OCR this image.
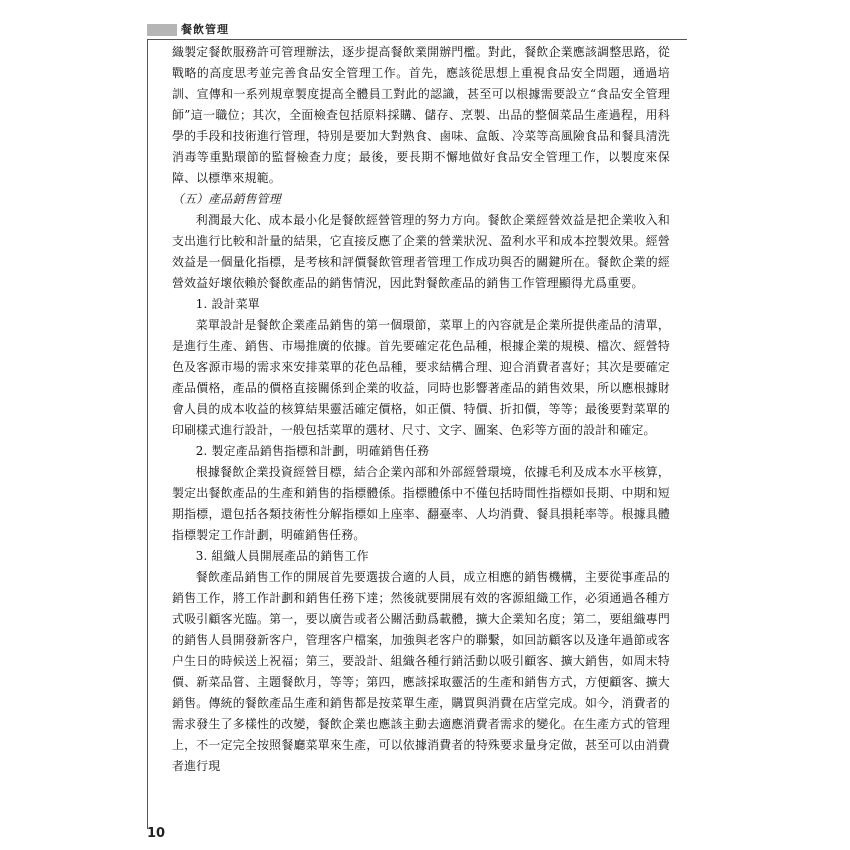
餐飲管理

織製定餐飲服務許可管理辦法，逐步提高餐飲業開辦門檻。對此，餐飲企業應該調整思路，從戰略的高度思考並完善食品安全管理工作。首先，應該從思想上重視食品安全問題，通過培訓、宣傳和一系列規章製度提高全體員工對此的認識，甚至可以根據需要設立“食品安全管理師”這一職位；其次，全面檢查包括原料採購、儲存、烹製、出品的整個菜品生產過程，用科學的手段和技術進行管理，特別是要加大對熟食、鹵味、盒飯、冷菜等高風險食品和餐具清洗消毒等重點環節的監督檢查力度；最後，要長期不懈地做好食品安全管理工作，以製度來保障、以標準來規範。

（五）產品銷售管理

利潤最大化、成本最小化是餐飲經營管理的努力方向。餐飲企業經營效益是把企業收入和支出進行比較和計量的結果，它直接反應了企業的營業狀況、盈利水平和成本控製效果。經營效益是一個量化指標，是考核和評價餐飲管理者管理工作成功與否的關鍵所在。餐飲企業的經營效益好壞依賴於餐飲產品的銷售情況，因此對餐飲產品的銷售工作管理顯得尤爲重要。

1. 設計菜單

菜單設計是餐飲企業產品銷售的第一個環節，菜單上的內容就是企業所提供產品的清單，是進行生產、銷售、市場推廣的依據。首先要確定花色品種，根據企業的規模、檔次、經營特色及客源市場的需求來安排菜單的花色品種，要求結構合理、迎合消費者喜好；其次是要確定產品價格，產品的價格直接關係到企業的收益，同時也影響著產品的銷售效果，所以應根據財會人員的成本收益的核算結果靈活確定價格，如正價、特價、折扣價，等等；最後要對菜單的印刷樣式進行設計，一般包括菜單的選材、尺寸、文字、圖案、色彩等方面的設計和確定。

2. 製定產品銷售指標和計劃，明確銷售任務

根據餐飲企業投資經營目標，結合企業內部和外部經營環境，依據毛利及成本水平核算，製定出餐飲產品的生產和銷售的指標體係。指標體係中不僅包括時間性指標如長期、中期和短期指標，還包括各類技術性分解指標如上座率、翻臺率、人均消費、餐具損耗率等。根據具體指標製定工作計劃，明確銷售任務。

3. 組織人員開展產品的銷售工作

餐飲產品銷售工作的開展首先要選拔合適的人員，成立相應的銷售機構，主要從事產品的銷售工作，將工作計劃和銷售任務下達；然後就要開展有效的客源組織工作，必須通過各種方式吸引顧客光臨。第一，要以廣告或者公關活動爲載體，擴大企業知名度；第二，要組織專門的銷售人員開發新客户，管理客户檔案，加強與老客户的聯繫，如回訪顧客以及逢年過節或客户生日的時候送上祝福；第三，要設計、組織各種行銷活動以吸引顧客、擴大銷售，如周末特價、新菜品嘗、主題餐飲月，等等；第四，應該採取靈活的生產和銷售方式，方便顧客、擴大銷售。傳統的餐飲產品生產和銷售都是按菜單生產，購買與消費在店堂完成。如今，消費者的需求發生了多樣性的改變，餐飲企業也應該主動去適應消費者需求的變化。在生產方式的管理上，不一定完全按照餐廳菜單來生產，可以依據消費者的特殊要求量身定做，甚至可以由消費者進行現

10
